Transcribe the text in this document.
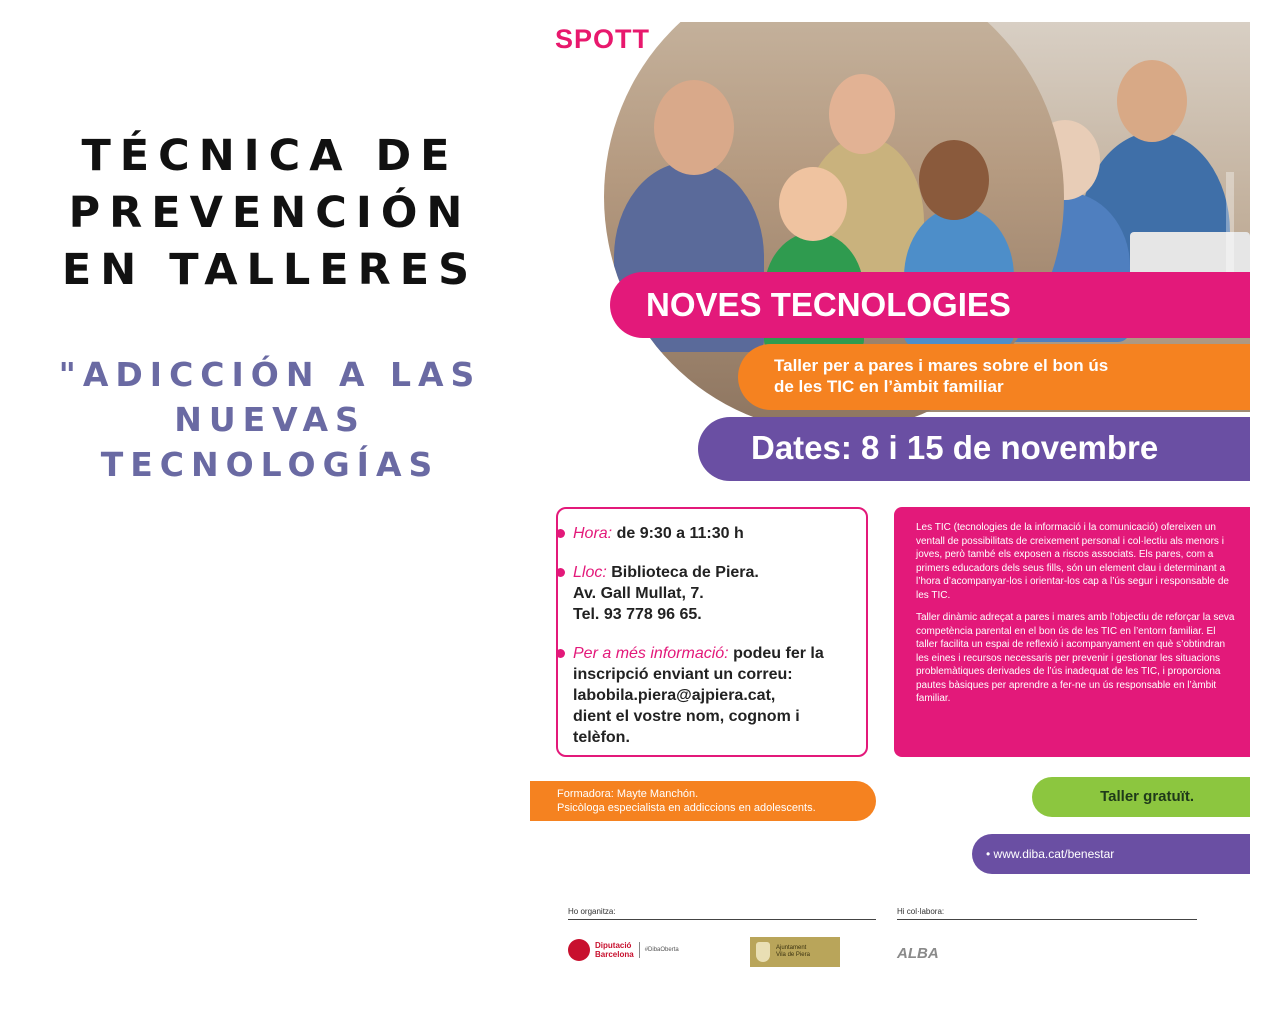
TÉCNICA DE
PREVENCIÓN
EN TALLERES
"ADICCIÓN A LAS
NUEVAS
TECNOLOGÍAS
SPOTT
NOVES TECNOLOGIES
Taller per a pares i mares sobre el bon ús
de les TIC en l’àmbit familiar
Dates: 8 i 15 de novembre
Hora: de 9:30 a 11:30 h
Lloc: Biblioteca de Piera.
Av. Gall Mullat, 7.
Tel. 93 778 96 65.
Per a més informació: podeu fer la
inscripció enviant un correu:
labobila.piera@ajpiera.cat,
dient el vostre nom, cognom i
telèfon.

Les TIC (tecnologies de la informació i la comunicació) ofereixen un ventall de possibilitats de creixement personal i col·lectiu als menors i joves, però també els exposen a riscos associats. Els pares, com a primers educadors dels seus fills, són un element clau i determinant a l’hora d’acompanyar-los i orientar-los cap a l’ús segur i responsable de les TIC.

Taller dinàmic adreçat a pares i mares amb l’objectiu de reforçar la seva competència parental en el bon ús de les TIC en l’entorn familiar. El taller facilita un espai de reflexió i acompanyament en què s’obtindran les eines i recursos necessaris per prevenir i gestionar les situacions problemàtiques derivades de l’ús inadequat de les TIC, i proporciona pautes bàsiques per aprendre a fer-ne un ús responsable en l’àmbit familiar.

Formadora: Mayte Manchón.
Psicòloga especialista en addiccions en adolescents.
Taller gratuït.
• www.diba.cat/benestar
Ho organitza:	Hi col·labora:
Diputació
Barcelona #DibaOberta	Ajuntament
Vila de Piera	ALBA
